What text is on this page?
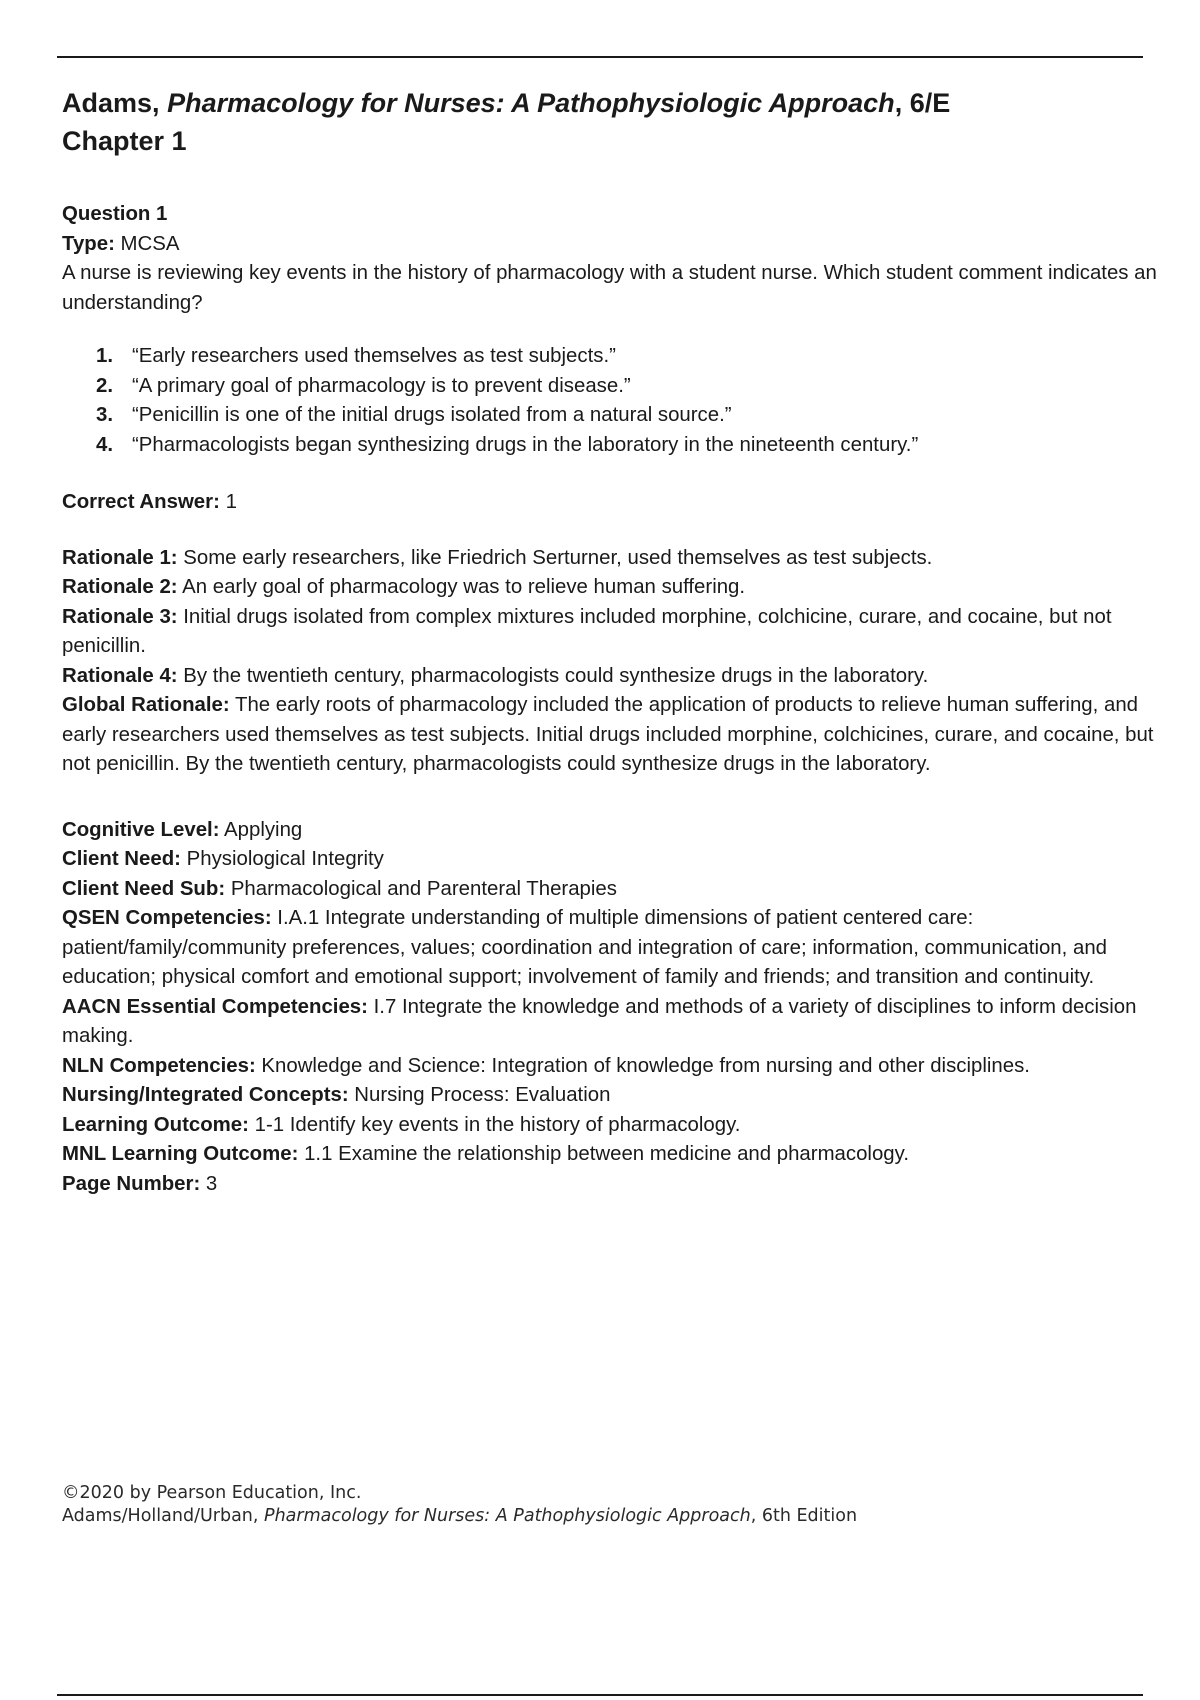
Adams, Pharmacology for Nurses: A Pathophysiologic Approach, 6/E
Chapter 1
Question 1
Type: MCSA
A nurse is reviewing key events in the history of pharmacology with a student nurse. Which student comment indicates an understanding?
1. “Early researchers used themselves as test subjects.”
2. “A primary goal of pharmacology is to prevent disease.”
3. “Penicillin is one of the initial drugs isolated from a natural source.”
4. “Pharmacologists began synthesizing drugs in the laboratory in the nineteenth century.”
Correct Answer: 1
Rationale 1: Some early researchers, like Friedrich Serturner, used themselves as test subjects.
Rationale 2: An early goal of pharmacology was to relieve human suffering.
Rationale 3: Initial drugs isolated from complex mixtures included morphine, colchicine, curare, and cocaine, but not penicillin.
Rationale 4: By the twentieth century, pharmacologists could synthesize drugs in the laboratory.
Global Rationale: The early roots of pharmacology included the application of products to relieve human suffering, and early researchers used themselves as test subjects. Initial drugs included morphine, colchicines, curare, and cocaine, but not penicillin. By the twentieth century, pharmacologists could synthesize drugs in the laboratory.
Cognitive Level: Applying
Client Need: Physiological Integrity
Client Need Sub: Pharmacological and Parenteral Therapies
QSEN Competencies: I.A.1 Integrate understanding of multiple dimensions of patient centered care: patient/family/community preferences, values; coordination and integration of care; information, communication, and education; physical comfort and emotional support; involvement of family and friends; and transition and continuity.
AACN Essential Competencies: I.7 Integrate the knowledge and methods of a variety of disciplines to inform decision making.
NLN Competencies: Knowledge and Science: Integration of knowledge from nursing and other disciplines.
Nursing/Integrated Concepts: Nursing Process: Evaluation
Learning Outcome: 1-1 Identify key events in the history of pharmacology.
MNL Learning Outcome: 1.1 Examine the relationship between medicine and pharmacology.
Page Number: 3
©2020 by Pearson Education, Inc.
Adams/Holland/Urban, Pharmacology for Nurses: A Pathophysiologic Approach, 6th Edition
